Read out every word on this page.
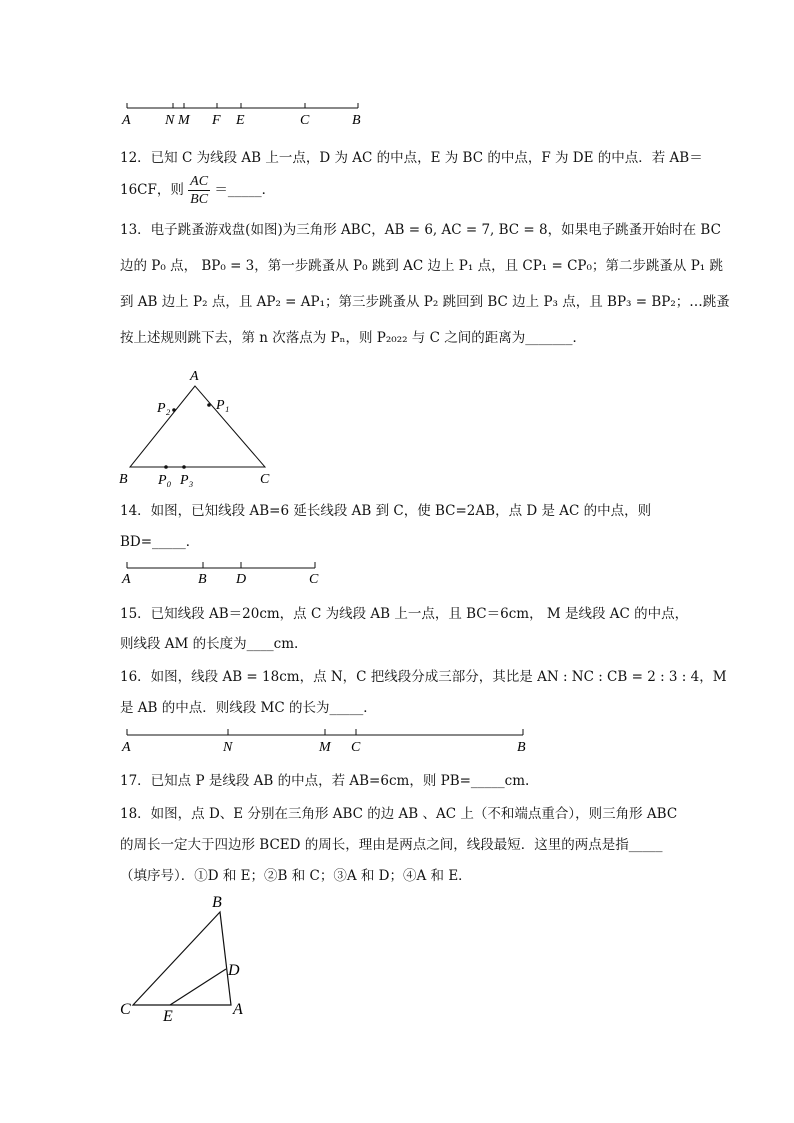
A N M F E	C	B
12．已知 C 为线段 AB 上一点，D 为 AC 的中点，E 为 BC 的中点，F 为 DE 的中点．若 AB＝
16CF，则 $\frac{AC}{BC}$ ＝_____．
13．电子跳蚤游戏盘(如图)为三角形 ABC，AB = 6, AC = 7, BC = 8，如果电子跳蚤开始时在 BC
边的 P₀ 点， BP₀ = 3，第一步跳蚤从 P₀ 跳到 AC 边上 P₁ 点，且 CP₁ = CP₀；第二步跳蚤从 P₁ 跳
到 AB 边上 P₂ 点，且 AP₂ = AP₁；第三步跳蚤从 P₂ 跳回到 BC 边上 P₃ 点，且 BP₃ = BP₂；…跳蚤
按上述规则跳下去，第 n 次落点为 Pₙ，则 P₂₀₂₂ 与 C 之间的距离为_______．
A
B	C
P₂	P₁
P₀ P₃
14．如图，已知线段 AB=6 延长线段 AB 到 C，使 BC=2AB，点 D 是 AC 的中点，则
BD=_____．
A	B D	C
15．已知线段 AB＝20cm，点 C 为线段 AB 上一点，且 BC＝6cm， M 是线段 AC 的中点，
则线段 AM 的长度为____cm.
16．如图，线段 AB = 18cm，点 N，C 把线段分成三部分，其比是 AN : NC : CB = 2 : 3 : 4，M
是 AB 的中点．则线段 MC 的长为_____．
A	N	M C	B
17．已知点 P 是线段 AB 的中点，若 AB=6cm，则 PB=_____cm.
18．如图，点 D、E 分别在三角形 ABC 的边 AB 、AC 上（不和端点重合），则三角形 ABC
的周长一定大于四边形 BCED 的周长，理由是两点之间，线段最短．这里的两点是指_____
（填序号）．①D 和 E；②B 和 C；③A 和 D；④A 和 E．
B
D
C E	A
